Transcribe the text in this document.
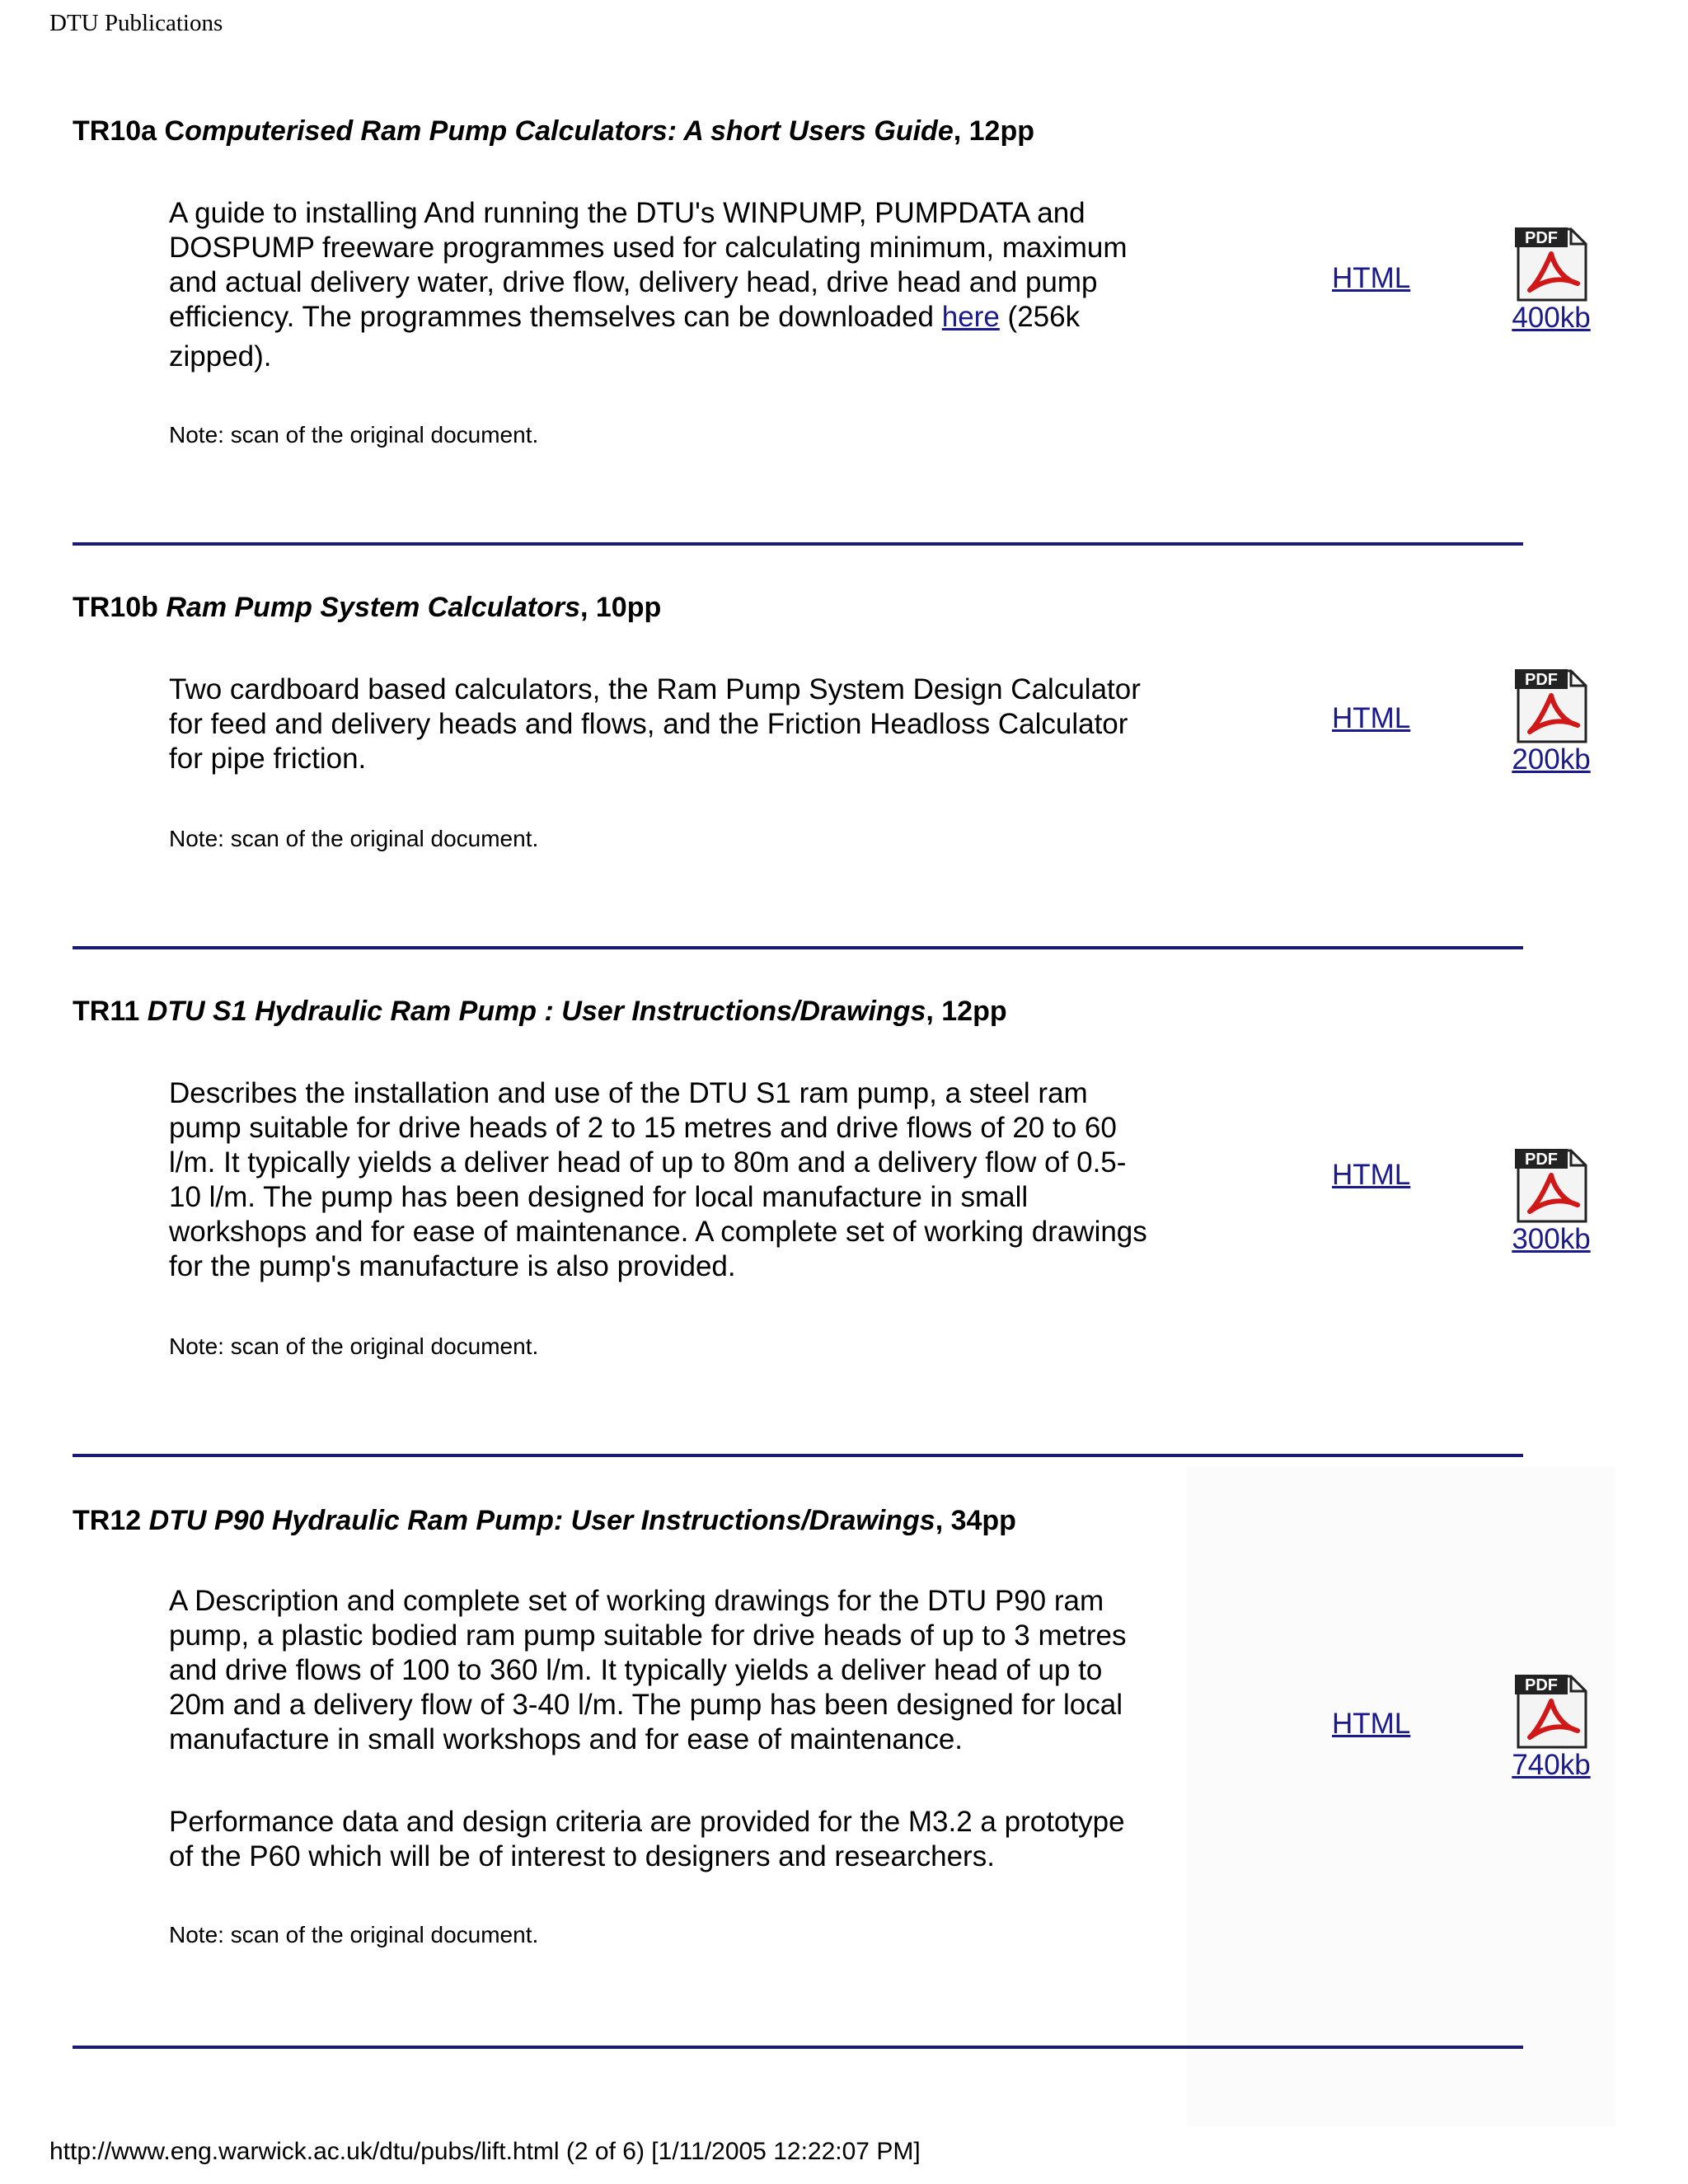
DTU Publications
TR10a Computerised Ram Pump Calculators: A short Users Guide, 12pp
A guide to installing And running the DTU's WINPUMP, PUMPDATA and
DOSPUMP freeware programmes used for calculating minimum, maximum
and actual delivery water, drive flow, delivery head, drive head and pump
efficiency. The programmes themselves can be downloaded here (256k
zipped).
Note: scan of the original document.
HTML
PDF
400kb
TR10b Ram Pump System Calculators, 10pp
Two cardboard based calculators, the Ram Pump System Design Calculator
for feed and delivery heads and flows, and the Friction Headloss Calculator
for pipe friction.
Note: scan of the original document.
HTML
PDF
200kb
TR11 DTU S1 Hydraulic Ram Pump : User Instructions/Drawings, 12pp
Describes the installation and use of the DTU S1 ram pump, a steel ram
pump suitable for drive heads of 2 to 15 metres and drive flows of 20 to 60
l/m. It typically yields a deliver head of up to 80m and a delivery flow of 0.5-
10 l/m. The pump has been designed for local manufacture in small
workshops and for ease of maintenance. A complete set of working drawings
for the pump's manufacture is also provided.
Note: scan of the original document.
HTML	PDF
300kb
TR12 DTU P90 Hydraulic Ram Pump: User Instructions/Drawings, 34pp
A Description and complete set of working drawings for the DTU P90 ram
pump, a plastic bodied ram pump suitable for drive heads of up to 3 metres
and drive flows of 100 to 360 l/m. It typically yields a deliver head of up to
20m and a delivery flow of 3-40 l/m. The pump has been designed for local
manufacture in small workshops and for ease of maintenance.
Performance data and design criteria are provided for the M3.2 a prototype
of the P60 which will be of interest to designers and researchers.
Note: scan of the original document.
HTML
PDF
740kb
http://www.eng.warwick.ac.uk/dtu/pubs/lift.html (2 of 6) [1/11/2005 12:22:07 PM]
